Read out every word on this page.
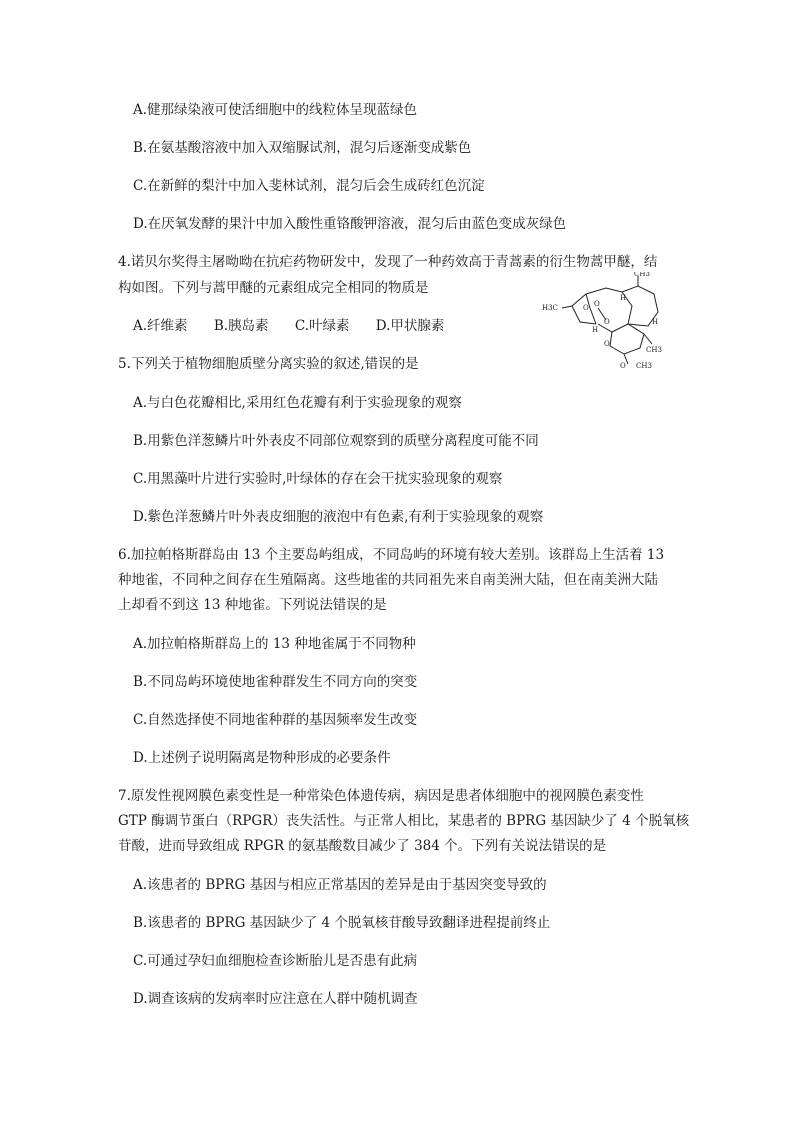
A.健那绿染液可使活细胞中的线粒体呈现蓝绿色
B.在氨基酸溶液中加入双缩脲试剂，混匀后逐渐变成紫色
C.在新鲜的梨汁中加入斐林试剂，混匀后会生成砖红色沉淀
D.在厌氧发酵的果汁中加入酸性重铬酸钾溶液，混匀后由蓝色变成灰绿色
4.诺贝尔奖得主屠呦呦在抗疟药物研发中，发现了一种药效高于青蒿素的衍生物蒿甲醚，结
构如图。下列与蒿甲醚的元素组成完全相同的物质是
A.纤维素 B.胰岛素 C.叶绿素 D.甲状腺素
CH3
H
H3C	O O
O	H
H
O
CH3
O CH3
5.下列关于植物细胞质壁分离实验的叙述,错误的是
A.与白色花瓣相比,采用红色花瓣有利于实验现象的观察
B.用紫色洋葱鳞片叶外表皮不同部位观察到的质壁分离程度可能不同
C.用黑藻叶片进行实验时,叶绿体的存在会干扰实验现象的观察
D.紫色洋葱鳞片叶外表皮细胞的液泡中有色素,有利于实验现象的观察
6.加拉帕格斯群岛由 13 个主要岛屿组成，不同岛屿的环境有较大差别。该群岛上生活着 13
种地雀，不同种之间存在生殖隔离。这些地雀的共同祖先来自南美洲大陆，但在南美洲大陆
上却看不到这 13 种地雀。下列说法错误的是
A.加拉帕格斯群岛上的 13 种地雀属于不同物种
B.不同岛屿环境使地雀种群发生不同方向的突变
C.自然选择使不同地雀种群的基因频率发生改变
D.上述例子说明隔离是物种形成的必要条件
7.原发性视网膜色素变性是一种常染色体遗传病，病因是患者体细胞中的视网膜色素变性
GTP 酶调节蛋白（RPGR）丧失活性。与正常人相比，某患者的 BPRG 基因缺少了 4 个脱氧核
苷酸，进而导致组成 RPGR 的氨基酸数目减少了 384 个。下列有关说法错误的是
A.该患者的 BPRG 基因与相应正常基因的差异是由于基因突变导致的
B.该患者的 BPRG 基因缺少了 4 个脱氧核苷酸导致翻译进程提前终止
C.可通过孕妇血细胞检查诊断胎儿是否患有此病
D.调查该病的发病率时应注意在人群中随机调查
